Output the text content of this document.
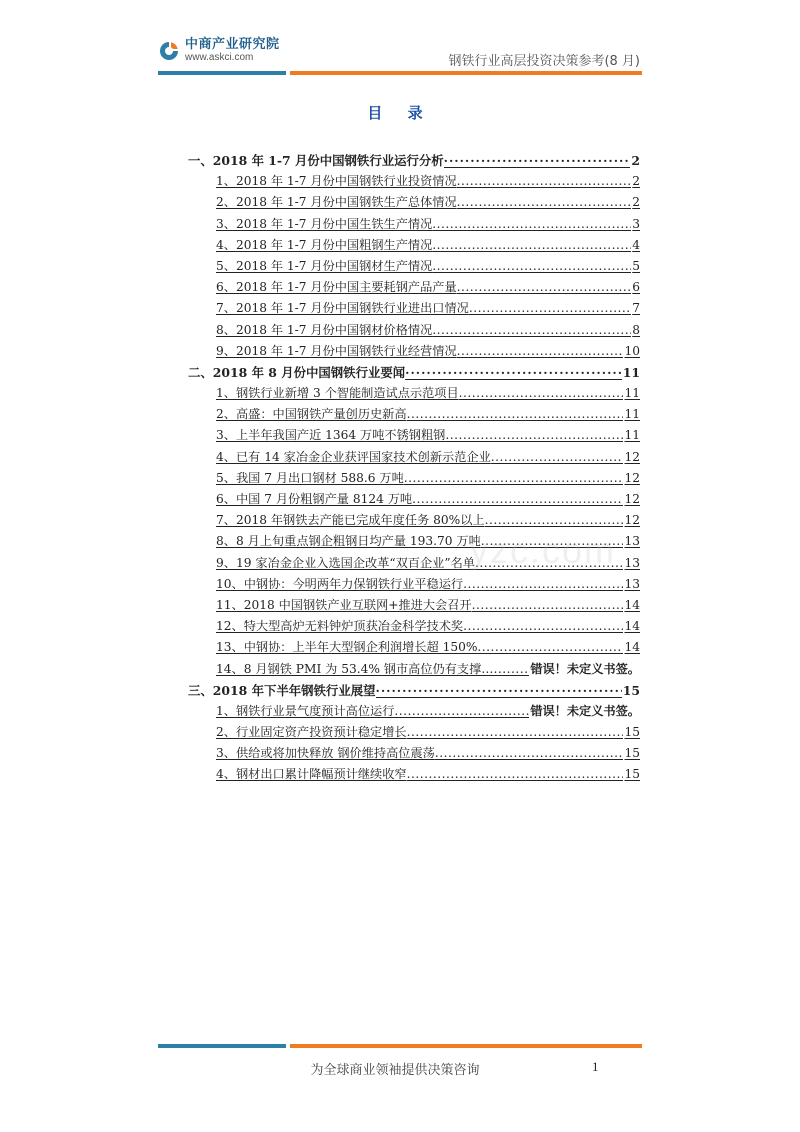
中商产业研究院
www.askci.com	钢铁行业高层投资决策参考(8 月)
目 录
一、2018 年 1-7 月份中国钢铁行业运行分析 ·····	2
1、2018 年 1-7 月份中国钢铁行业投资情况 .....	2
2、2018 年 1-7 月份中国钢铁生产总体情况 .....	2
3、2018 年 1-7 月份中国生铁生产情况 .....	3
4、2018 年 1-7 月份中国粗钢生产情况 .....	4
5、2018 年 1-7 月份中国钢材生产情况 .....	5
6、2018 年 1-7 月份中国主要耗钢产品产量 .....	6
7、2018 年 1-7 月份中国钢铁行业进出口情况 .....	7
8、2018 年 1-7 月份中国钢材价格情况 .....	8
9、2018 年 1-7 月份中国钢铁行业经营情况 .....	10
二、2018 年 8 月份中国钢铁行业要闻 ·····	11
1、钢铁行业新增 3 个智能制造试点示范项目 .....	11
2、高盛：中国钢铁产量创历史新高 .....	11
3、上半年我国产近 1364 万吨不锈钢粗钢 .....	11
4、已有 14 家冶金企业获评国家技术创新示范企业 .....	12
5、我国 7 月出口钢材 588.6 万吨 .....	12
6、中国 7 月份粗钢产量 8124 万吨 .....	12
7、2018 年钢铁去产能已完成年度任务 80%以上 .....	12
8、8 月上旬重点钢企粗钢日均产量 193.70 万吨 .....	13
9、19 家冶金企业入选国企改革“双百企业”名单 .....	13
10、中钢协：今明两年力保钢铁行业平稳运行 .....	13
11、2018 中国钢铁产业互联网+推进大会召开 .....	14
12、特大型高炉无料钟炉顶获冶金科学技术奖 .....	14
13、中钢协：上半年大型钢企利润增长超 150% .....	14
14、8 月钢铁 PMI 为 53.4% 钢市高位仍有支撑… .....	错误！未定义书签。
三、2018 年下半年钢铁行业展望 ·····	15
1、钢铁行业景气度预计高位运行 .....	错误！未定义书签。
2、行业固定资产投资预计稳定增长 .....	15
3、供给或将加快释放 钢价维持高位震荡 .....	15
4、钢材出口累计降幅预计继续收窄 .....	15
yzc.com
为全球商业领袖提供决策咨询	1
